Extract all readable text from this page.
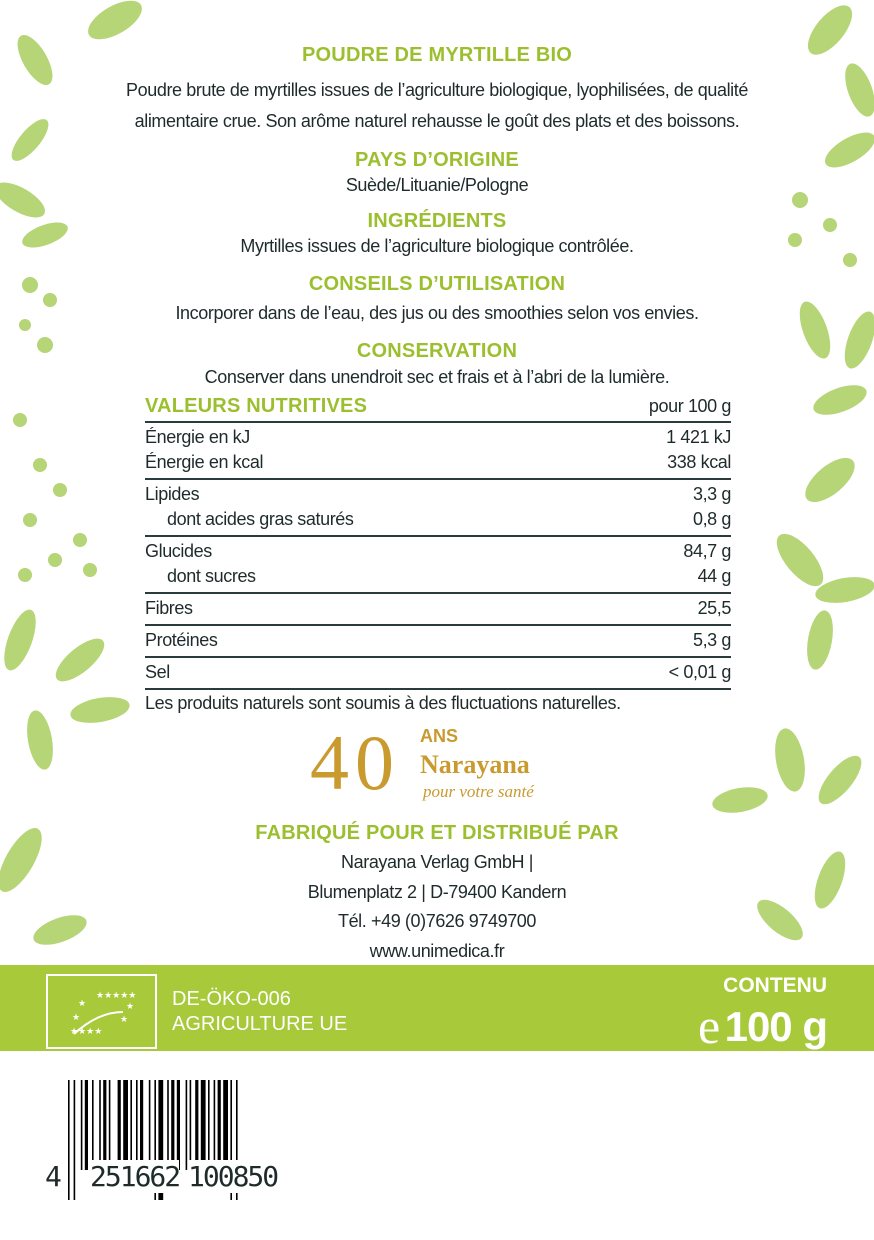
POUDRE DE MYRTILLE BIO
Poudre brute de myrtilles issues de l’agriculture biologique, lyophilisées, de qualité
alimentaire crue. Son arôme naturel rehausse le goût des plats et des boissons.
PAYS D’ORIGINE
Suède/Lituanie/Pologne
INGRÉDIENTS
Myrtilles issues de l’agriculture biologique contrôlée.
CONSEILS D’UTILISATION
Incorporer dans de l’eau, des jus ou des smoothies selon vos envies.
CONSERVATION
Conserver dans unendroit sec et frais et à l’abri de la lumière.
VALEURS NUTRITIVES	pour 100 g
Énergie en kJ	1 421 kJ
Énergie en kcal	338 kcal
Lipides	3,3 g
dont acides gras saturés	0,8 g
Glucides	84,7 g
dont sucres	44 g
Fibres	25,5
Protéines	5,3 g
Sel	< 0,01 g
Les produits naturels sont soumis à des fluctuations naturelles.
40 ANS
Narayana
pour votre santé
FABRIQUÉ POUR ET DISTRIBUÉ PAR
Narayana Verlag GmbH |
Blumenplatz 2 | D-79400 Kandern
Tél. +49 (0)7626 9749700
www.unimedica.fr
★★★★★
★	★
★	★
★★★★
DE-ÖKO-006
AGRICULTURE UE
CONTENU
e 100 g
4 251662 100850
